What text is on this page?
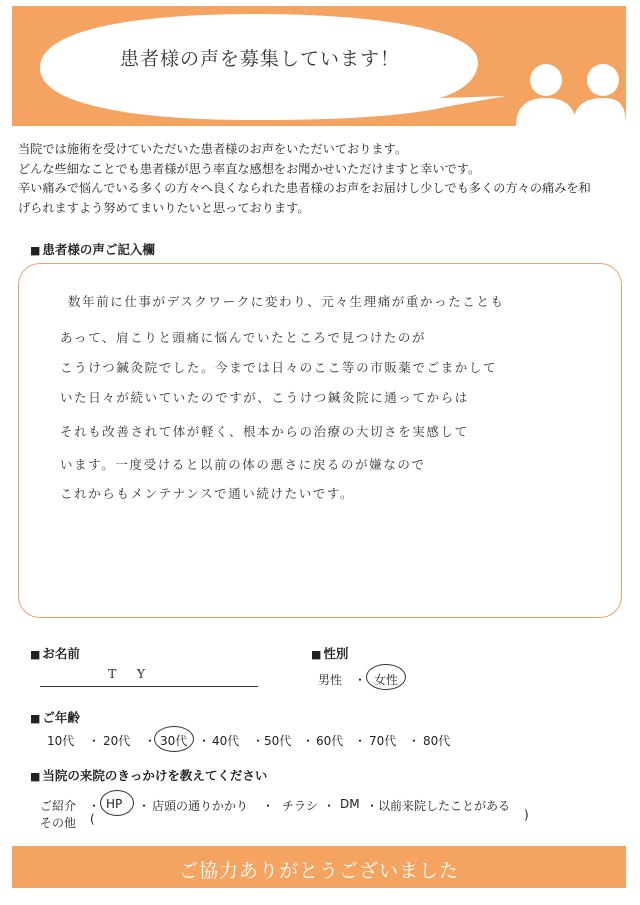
患者様の声を募集しています！

当院では施術を受けていただいた患者様のお声をいただいております。

どんな些細なことでも患者様が思う率直な感想をお聞かせいただけますと幸いです。

辛い痛みで悩んでいる多くの方々へ良くなられた患者様のお声をお届けし少しでも多くの方々の痛みを和

げられますよう努めてまいりたいと思っております。

■ 患者様の声ご記入欄
数年前に仕事がデスクワークに変わり、元々生理痛が重かったことも
あって、肩こりと頭痛に悩んでいたところで見つけたのが
こうけつ鍼灸院でした。今までは日々のここ等の市販薬でごまかして
いた日々が続いていたのですが、こうけつ鍼灸院に通ってからは
それも改善されて体が軽く、根本からの治療の大切さを実感して
います。一度受けると以前の体の悪さに戻るのが嫌なので
これからもメンテナンスで通い続けたいです。
■ お名前
T　Y
■ 性別
男性 ・ 女性
■ ご年齢
10代 ・ 20代 ・ 30代 ・ 40代 ・50代 ・ 60代 ・ 70代 ・ 80代
■ 当院の来院のきっかけを教えてください
ご紹介 ・ HP ・ 店頭の通りかかり ・ チラシ ・ DM ・ 以前来院したことがある
その他 (	)
ご協力ありがとうございました
